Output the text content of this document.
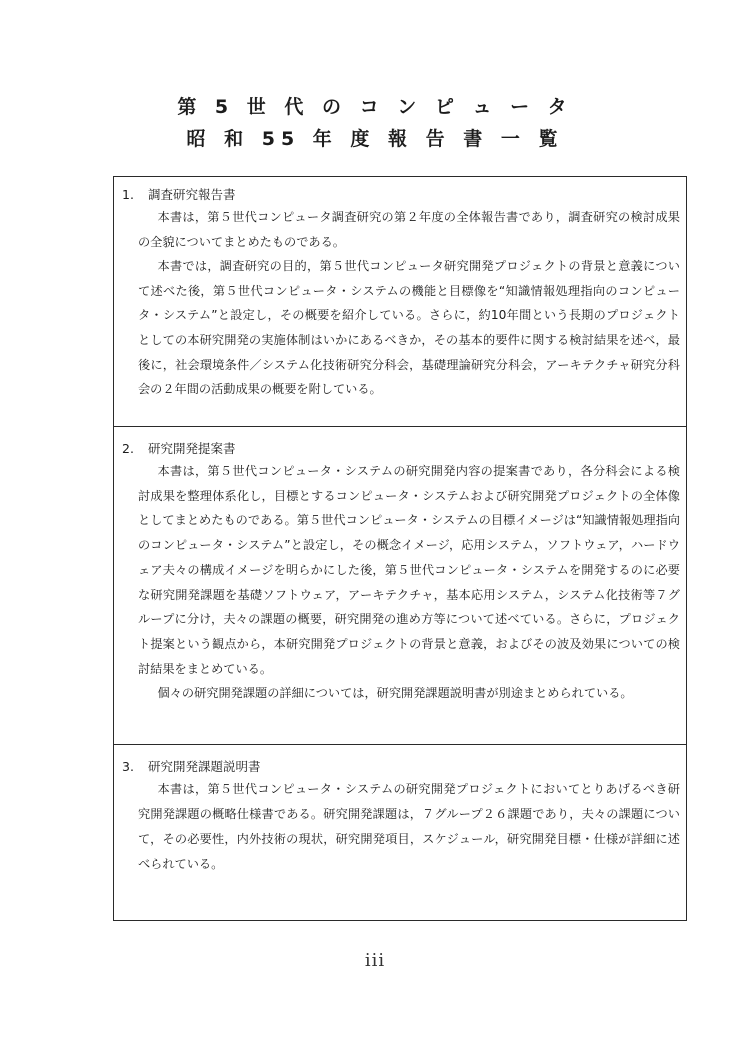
第 5 世 代 の コ ン ピ ュ ー タ
昭 和 55 年 度 報 告 書 一 覧
1. 調査研究報告書

本書は，第５世代コンピュータ調査研究の第２年度の全体報告書であり，調査研究の検討成果の全貌についてまとめたものである。

本書では，調査研究の目的，第５世代コンピュータ研究開発プロジェクトの背景と意義について述べた後，第５世代コンピュータ・システムの機能と目標像を“知識情報処理指向のコンピュータ・システム”と設定し，その概要を紹介している。さらに，約10年間という長期のプロジェクトとしての本研究開発の実施体制はいかにあるべきか，その基本的要件に関する検討結果を述べ，最後に，社会環境条件／システム化技術研究分科会，基礎理論研究分科会，アーキテクチャ研究分科会の２年間の活動成果の概要を附している。

2. 研究開発提案書

本書は，第５世代コンピュータ・システムの研究開発内容の提案書であり，各分科会による検討成果を整理体系化し，目標とするコンピュータ・システムおよび研究開発プロジェクトの全体像としてまとめたものである。第５世代コンピュータ・システムの目標イメージは“知識情報処理指向のコンピュータ・システム”と設定し，その概念イメージ，応用システム，ソフトウェア，ハードウェア夫々の構成イメージを明らかにした後，第５世代コンピュータ・システムを開発するのに必要な研究開発課題を基礎ソフトウェア，アーキテクチャ，基本応用システム，システム化技術等７グループに分け，夫々の課題の概要，研究開発の進め方等について述べている。さらに，プロジェクト提案という観点から，本研究開発プロジェクトの背景と意義，およびその波及効果についての検討結果をまとめている。

個々の研究開発課題の詳細については，研究開発課題説明書が別途まとめられている。

3. 研究開発課題説明書

本書は，第５世代コンピュータ・システムの研究開発プロジェクトにおいてとりあげるべき研究開発課題の概略仕様書である。研究開発課題は，７グループ２６課題であり，夫々の課題について，その必要性，内外技術の現状，研究開発項目，スケジュール，研究開発目標・仕様が詳細に述べられている。

iii
